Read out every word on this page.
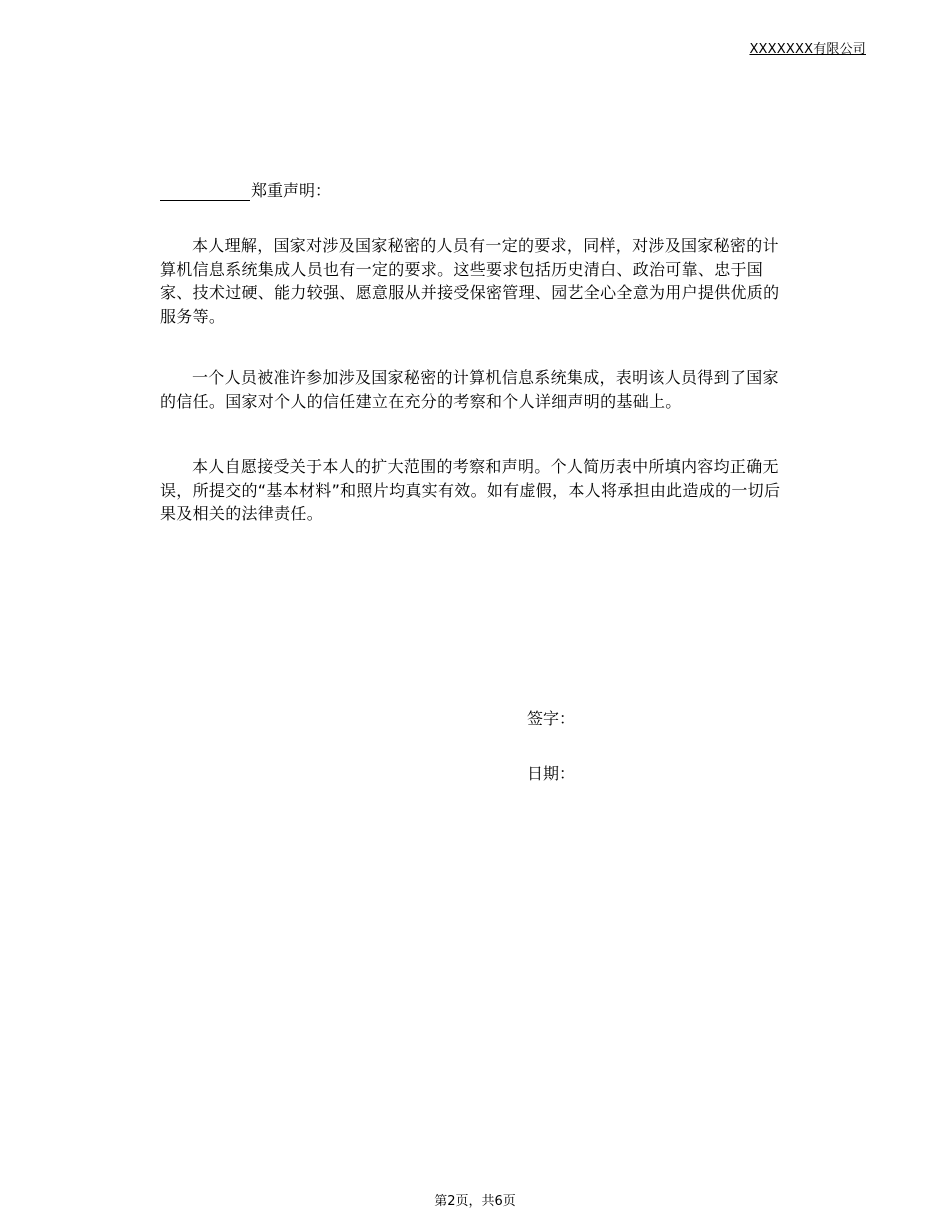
XXXXXXX有限公司
郑重声明：

本人理解，国家对涉及国家秘密的人员有一定的要求，同样，对涉及国家秘密的计算机信息系统集成人员也有一定的要求。这些要求包括历史清白、政治可靠、忠于国家、技术过硬、能力较强、愿意服从并接受保密管理、园艺全心全意为用户提供优质的服务等。

一个人员被准许参加涉及国家秘密的计算机信息系统集成，表明该人员得到了国家的信任。国家对个人的信任建立在充分的考察和个人详细声明的基础上。

本人自愿接受关于本人的扩大范围的考察和声明。个人简历表中所填内容均正确无误，所提交的“基本材料”和照片均真实有效。如有虚假，本人将承担由此造成的一切后果及相关的法律责任。

签字：
日期：
第2页，共6页
